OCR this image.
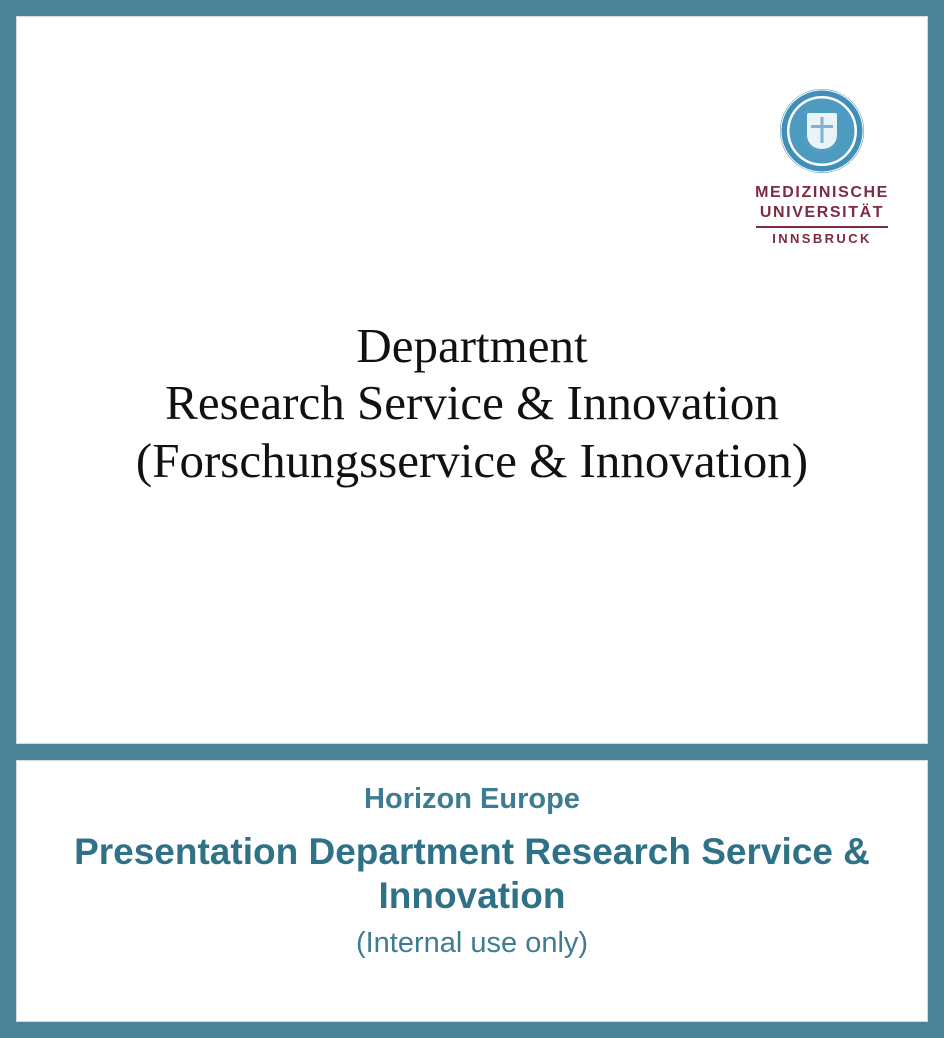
MEDIZINISCHE
UNIVERSITÄT
INNSBRUCK
Department
Research Service & Innovation
(Forschungsservice & Innovation)
Horizon Europe
Presentation Department Research Service & Innovation
(Internal use only)
